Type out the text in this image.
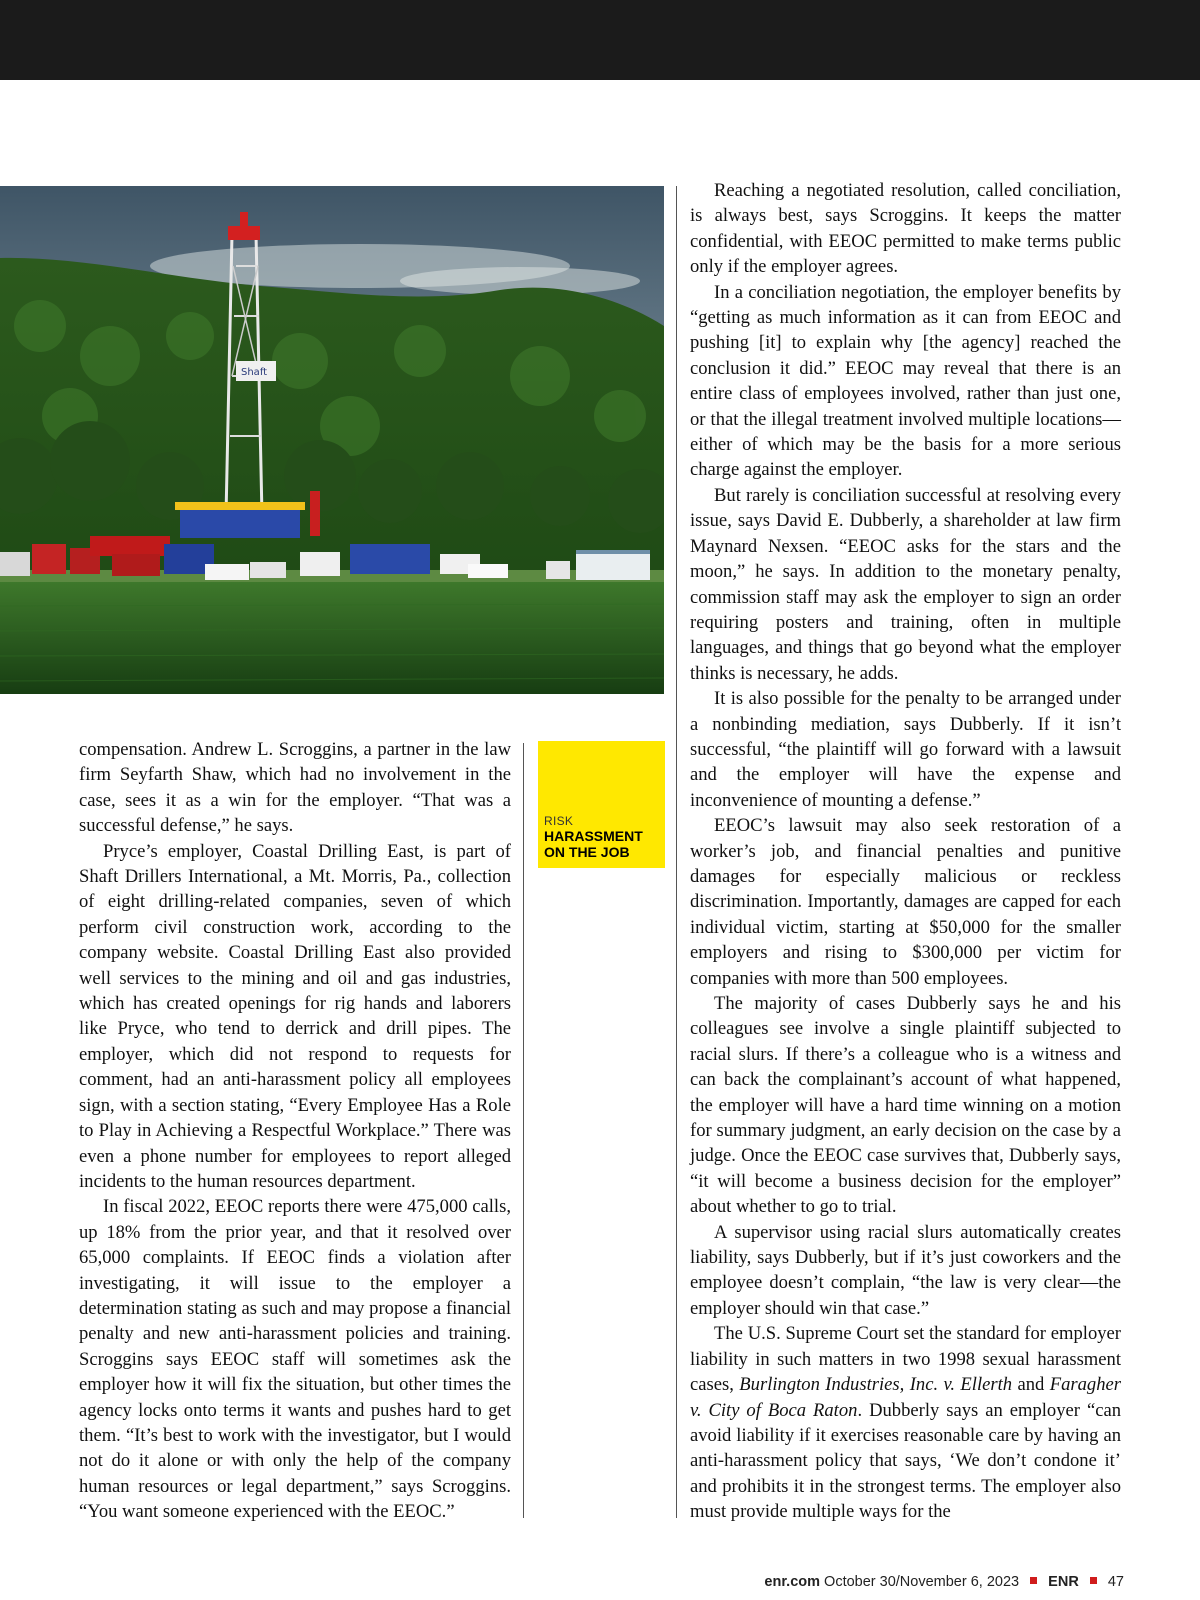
Shaft

compensation. Andrew L. Scroggins, a partner in the law firm Seyfarth Shaw, which had no involvement in the case, sees it as a win for the employer. “That was a successful defense,” he says.

Pryce’s employer, Coastal Drilling East, is part of Shaft Drillers International, a Mt. Morris, Pa., collection of eight drilling-related companies, seven of which perform civil construction work, according to the company website. Coastal Drilling East also provided well services to the mining and oil and gas industries, which has created openings for rig hands and laborers like Pryce, who tend to derrick and drill pipes. The employer, which did not respond to requests for comment, had an anti-harassment policy all employees sign, with a section stating, “Every Employee Has a Role to Play in Achieving a Respectful Workplace.” There was even a phone number for employees to report alleged incidents to the human resources department.

In fiscal 2022, EEOC reports there were 475,000 calls, up 18% from the prior year, and that it resolved over 65,000 complaints. If EEOC finds a violation after investigating, it will issue to the employer a determination stating as such and may propose a financial penalty and new anti-harassment policies and training. Scroggins says EEOC staff will sometimes ask the employer how it will fix the situation, but other times the agency locks onto terms it wants and pushes hard to get them. “It’s best to work with the investigator, but I would not do it alone or with only the help of the company human resources or legal department,” says Scroggins. “You want someone experienced with the EEOC.”

RISK
HARASSMENT ON THE JOB

Reaching a negotiated resolution, called conciliation, is always best, says Scroggins. It keeps the matter confidential, with EEOC permitted to make terms public only if the employer agrees.

In a conciliation negotiation, the employer benefits by “getting as much information as it can from EEOC and pushing [it] to explain why [the agency] reached the conclusion it did.” EEOC may reveal that there is an entire class of employees involved, rather than just one, or that the illegal treatment involved multiple locations—either of which may be the basis for a more serious charge against the employer.

But rarely is conciliation successful at resolving every issue, says David E. Dubberly, a shareholder at law firm Maynard Nexsen. “EEOC asks for the stars and the moon,” he says. In addition to the monetary penalty, commission staff may ask the employer to sign an order requiring posters and training, often in multiple languages, and things that go beyond what the employer thinks is necessary, he adds.

It is also possible for the penalty to be arranged under a nonbinding mediation, says Dubberly. If it isn’t successful, “the plaintiff will go forward with a lawsuit and the employer will have the expense and inconvenience of mounting a defense.”

EEOC’s lawsuit may also seek restoration of a worker’s job, and financial penalties and punitive damages for especially malicious or reckless discrimination. Importantly, damages are capped for each individual victim, starting at $50,000 for the smaller employers and rising to $300,000 per victim for companies with more than 500 employees.

The majority of cases Dubberly says he and his colleagues see involve a single plaintiff subjected to racial slurs. If there’s a colleague who is a witness and can back the complainant’s account of what happened, the employer will have a hard time winning on a motion for summary judgment, an early decision on the case by a judge. Once the EEOC case survives that, Dubberly says, “it will become a business decision for the employer” about whether to go to trial.

A supervisor using racial slurs automatically creates liability, says Dubberly, but if it’s just coworkers and the employee doesn’t complain, “the law is very clear—the employer should win that case.”

The U.S. Supreme Court set the standard for employer liability in such matters in two 1998 sexual harassment cases, Burlington Industries, Inc. v. Ellerth and Faragher v. City of Boca Raton. Dubberly says an employer “can avoid liability if it exercises reasonable care by having an anti-harassment policy that says, ‘We don’t condone it’ and prohibits it in the strongest terms. The employer also must provide multiple ways for the

enr.com October 30/November 6, 2023 ENR 47
